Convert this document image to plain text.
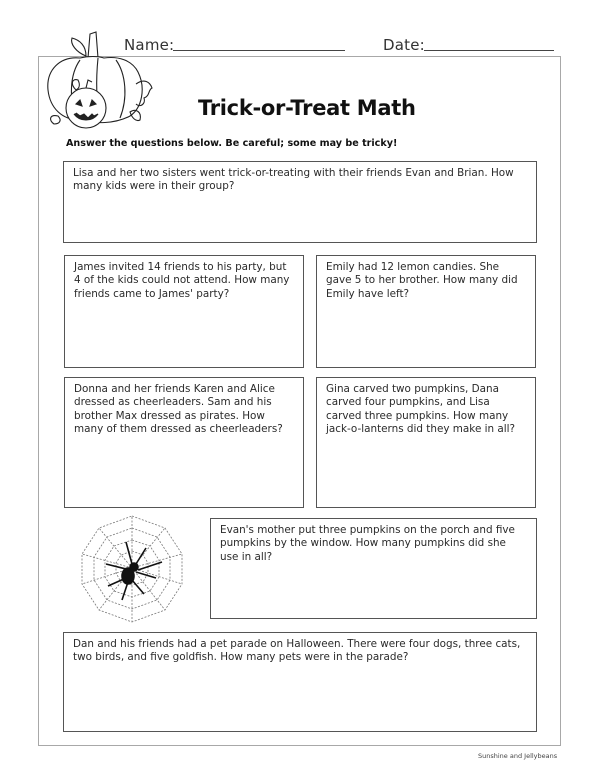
Name:	Date:
Trick-or-Treat Math
Answer the questions below. Be careful; some may be tricky!
Lisa and her two sisters went trick-or-treating with their friends Evan and Brian. How many kids were in their group?
James invited 14 friends to his party, but 4 of the kids could not attend. How many friends came to James' party?
Emily had 12 lemon candies. She gave 5 to her brother. How many did Emily have left?
Donna and her friends Karen and Alice dressed as cheerleaders. Sam and his brother Max dressed as pirates. How many of them dressed as cheerleaders?
Gina carved two pumpkins, Dana carved four pumpkins, and Lisa carved three pumpkins. How many jack-o-lanterns did they make in all?
Evan's mother put three pumpkins on the porch and five pumpkins by the window. How many pumpkins did she use in all?
Dan and his friends had a pet parade on Halloween. There were four dogs, three cats, two birds, and five goldfish. How many pets were in the parade?
Sunshine and Jellybeans
